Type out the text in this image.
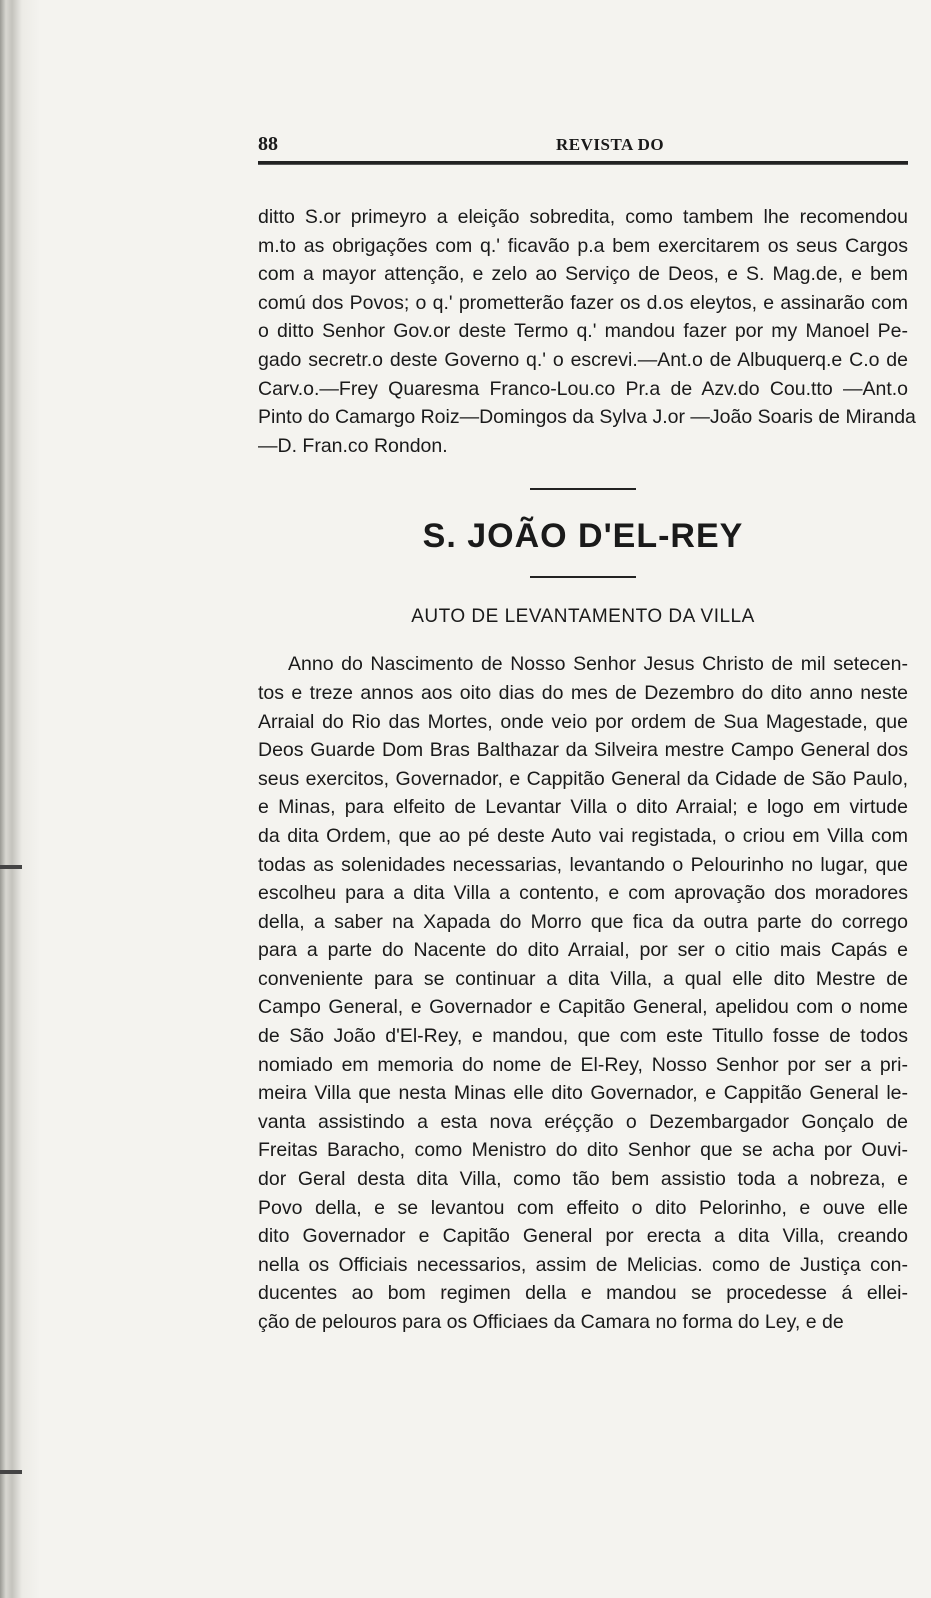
88	REVISTA DO

ditto S.or primeyro a eleição sobredita, como tambem lhe recomendou
m.to as obrigações com q.' ficavão p.a bem exercitarem os seus Cargos
com a mayor attenção, e zelo ao Serviço de Deos, e S. Mag.de, e bem
comú dos Povos; o q.' prometterão fazer os d.os eleytos, e assinarão com
o ditto Senhor Gov.or deste Termo q.' mandou fazer por my Manoel Pe-
gado secretr.o deste Governo q.' o escrevi.—Ant.o de Albuquerq.e C.o de
Carv.o.—Frey Quaresma Franco-Lou.co Pr.a de Azv.do Cou.tto —Ant.o
Pinto do Camargo Roiz—Domingos da Sylva J.or —João Soaris de Miranda
—D. Fran.co Rondon.

S. JOÃO D'EL-REY
AUTO DE LEVANTAMENTO DA VILLA

Anno do Nascimento de Nosso Senhor Jesus Christo de mil setecen-
tos e treze annos aos oito dias do mes de Dezembro do dito anno neste
Arraial do Rio das Mortes, onde veio por ordem de Sua Magestade, que
Deos Guarde Dom Bras Balthazar da Silveira mestre Campo General dos
seus exercitos, Governador, e Cappitão General da Cidade de São Paulo,
e Minas, para elfeito de Levantar Villa o dito Arraial; e logo em virtude
da dita Ordem, que ao pé deste Auto vai registada, o criou em Villa com
todas as solenidades necessarias, levantando o Pelourinho no lugar, que
escolheu para a dita Villa a contento, e com aprovação dos moradores
della, a saber na Xapada do Morro que fica da outra parte do corrego
para a parte do Nacente do dito Arraial, por ser o citio mais Capás e
conveniente para se continuar a dita Villa, a qual elle dito Mestre de
Campo General, e Governador e Capitão General, apelidou com o nome
de São João d'El-Rey, e mandou, que com este Titullo fosse de todos
nomiado em memoria do nome de El-Rey, Nosso Senhor por ser a pri-
meira Villa que nesta Minas elle dito Governador, e Cappitão General le-
vanta assistindo a esta nova eréçção o Dezembargador Gonçalo de
Freitas Baracho, como Menistro do dito Senhor que se acha por Ouvi-
dor Geral desta dita Villa, como tão bem assistio toda a nobreza, e
Povo della, e se levantou com effeito o dito Pelorinho, e ouve elle
dito Governador e Capitão General por erecta a dita Villa, creando
nella os Officiais necessarios, assim de Melicias. como de Justiça con-
ducentes ao bom regimen della e mandou se procedesse á ellei-
ção de pelouros para os Officiaes da Camara no forma do Ley, e de
